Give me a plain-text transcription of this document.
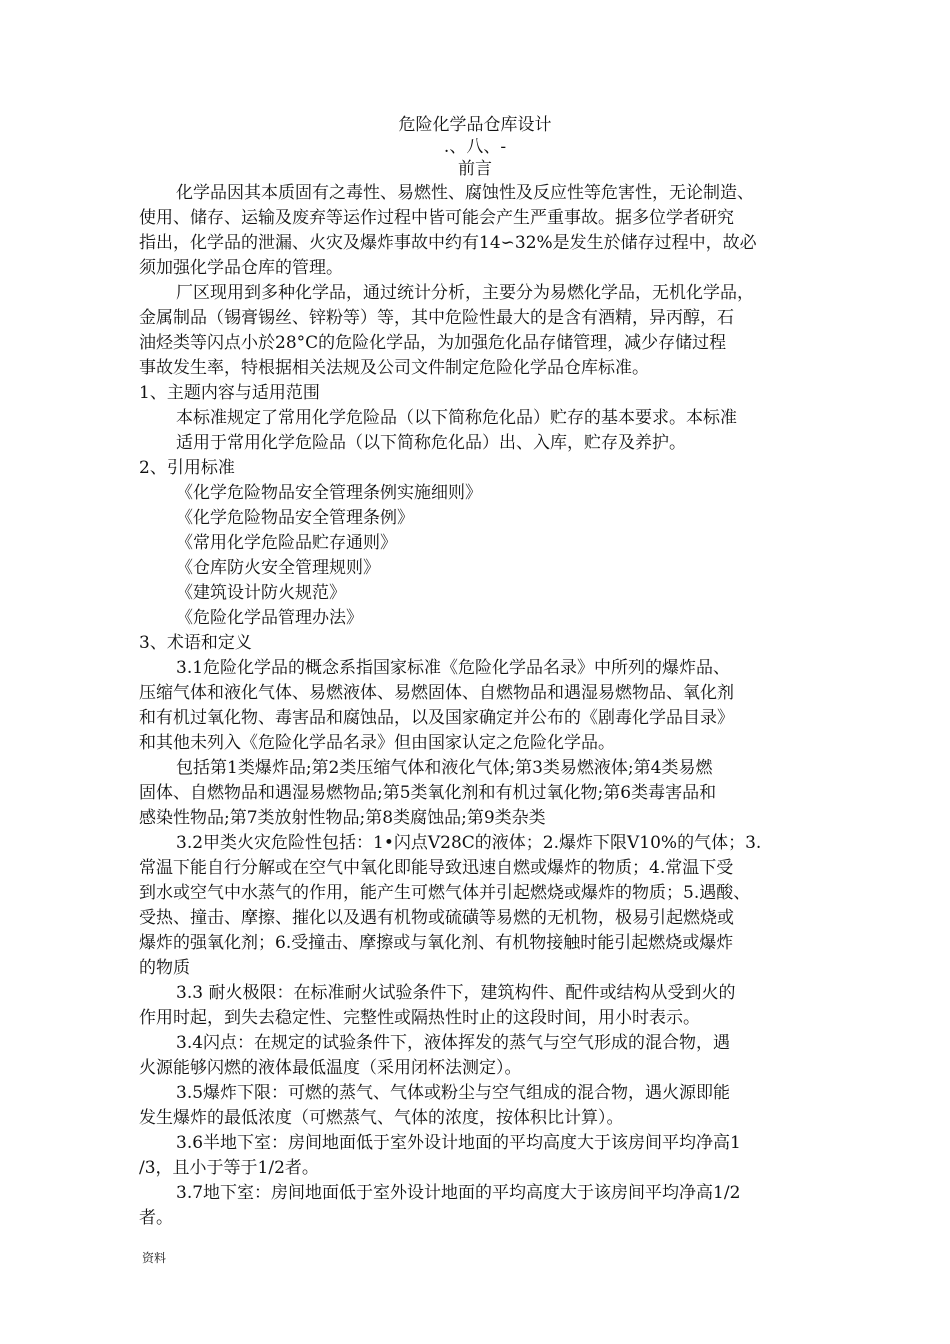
危险化学品仓库设计
.、八、-
前言
化学品因其本质固有之毒性、易燃性、腐蚀性及反应性等危害性，无论制造、
使用、储存、运输及废弃等运作过程中皆可能会产生严重事故。据多位学者研究
指出，化学品的泄漏、火灾及爆炸事故中约有14∽32%是发生於储存过程中，故必
须加强化学品仓库的管理。
厂区现用到多种化学品，通过统计分析，主要分为易燃化学品，无机化学品，
金属制品（锡膏锡丝、锌粉等）等，其中危险性最大的是含有酒精，异丙醇，石
油烃类等闪点小於28°C的危险化学品，为加强危化品存储管理，减少存储过程
事故发生率，特根据相关法规及公司文件制定危险化学品仓库标准。
1、主题内容与适用范围
本标准规定了常用化学危险品（以下简称危化品）贮存的基本要求。本标准
适用于常用化学危险品（以下简称危化品）出、入库，贮存及养护。
2、引用标准
《化学危险物品安全管理条例实施细则》
《化学危险物品安全管理条例》
《常用化学危险品贮存通则》
《仓库防火安全管理规则》
《建筑设计防火规范》
《危险化学品管理办法》
3、术语和定义
3.1危险化学品的概念系指国家标准《危险化学品名录》中所列的爆炸品、
压缩气体和液化气体、易燃液体、易燃固体、自燃物品和遇湿易燃物品、氧化剂
和有机过氧化物、毒害品和腐蚀品，以及国家确定并公布的《剧毒化学品目录》
和其他未列入《危险化学品名录》但由国家认定之危险化学品。
包括第1类爆炸品;第2类压缩气体和液化气体;第3类易燃液体;第4类易燃
固体、自燃物品和遇湿易燃物品;第5类氧化剂和有机过氧化物;第6类毒害品和
感染性物品;第7类放射性物品;第8类腐蚀品;第9类杂类
3.2甲类火灾危险性包括：1•闪点V28C的液体；2.爆炸下限V10%的气体；3.
常温下能自行分解或在空气中氧化即能导致迅速自燃或爆炸的物质；4.常温下受
到水或空气中水蒸气的作用，能产生可燃气体并引起燃烧或爆炸的物质；5.遇酸、
受热、撞击、摩擦、摧化以及遇有机物或硫磺等易燃的无机物，极易引起燃烧或
爆炸的强氧化剂；6.受撞击、摩擦或与氧化剂、有机物接触时能引起燃烧或爆炸
的物质
3.3 耐火极限：在标准耐火试验条件下，建筑构件、配件或结构从受到火的
作用时起，到失去稳定性、完整性或隔热性时止的这段时间，用小时表示。
3.4闪点：在规定的试验条件下，液体挥发的蒸气与空气形成的混合物，遇
火源能够闪燃的液体最低温度（采用闭杯法测定）。
3.5爆炸下限：可燃的蒸气、气体或粉尘与空气组成的混合物，遇火源即能
发生爆炸的最低浓度（可燃蒸气、气体的浓度，按体积比计算）。
3.6半地下室：房间地面低于室外设计地面的平均高度大于该房间平均净高1
/3，且小于等于1/2者。
3.7地下室：房间地面低于室外设计地面的平均高度大于该房间平均净高1/2
者。
资料
